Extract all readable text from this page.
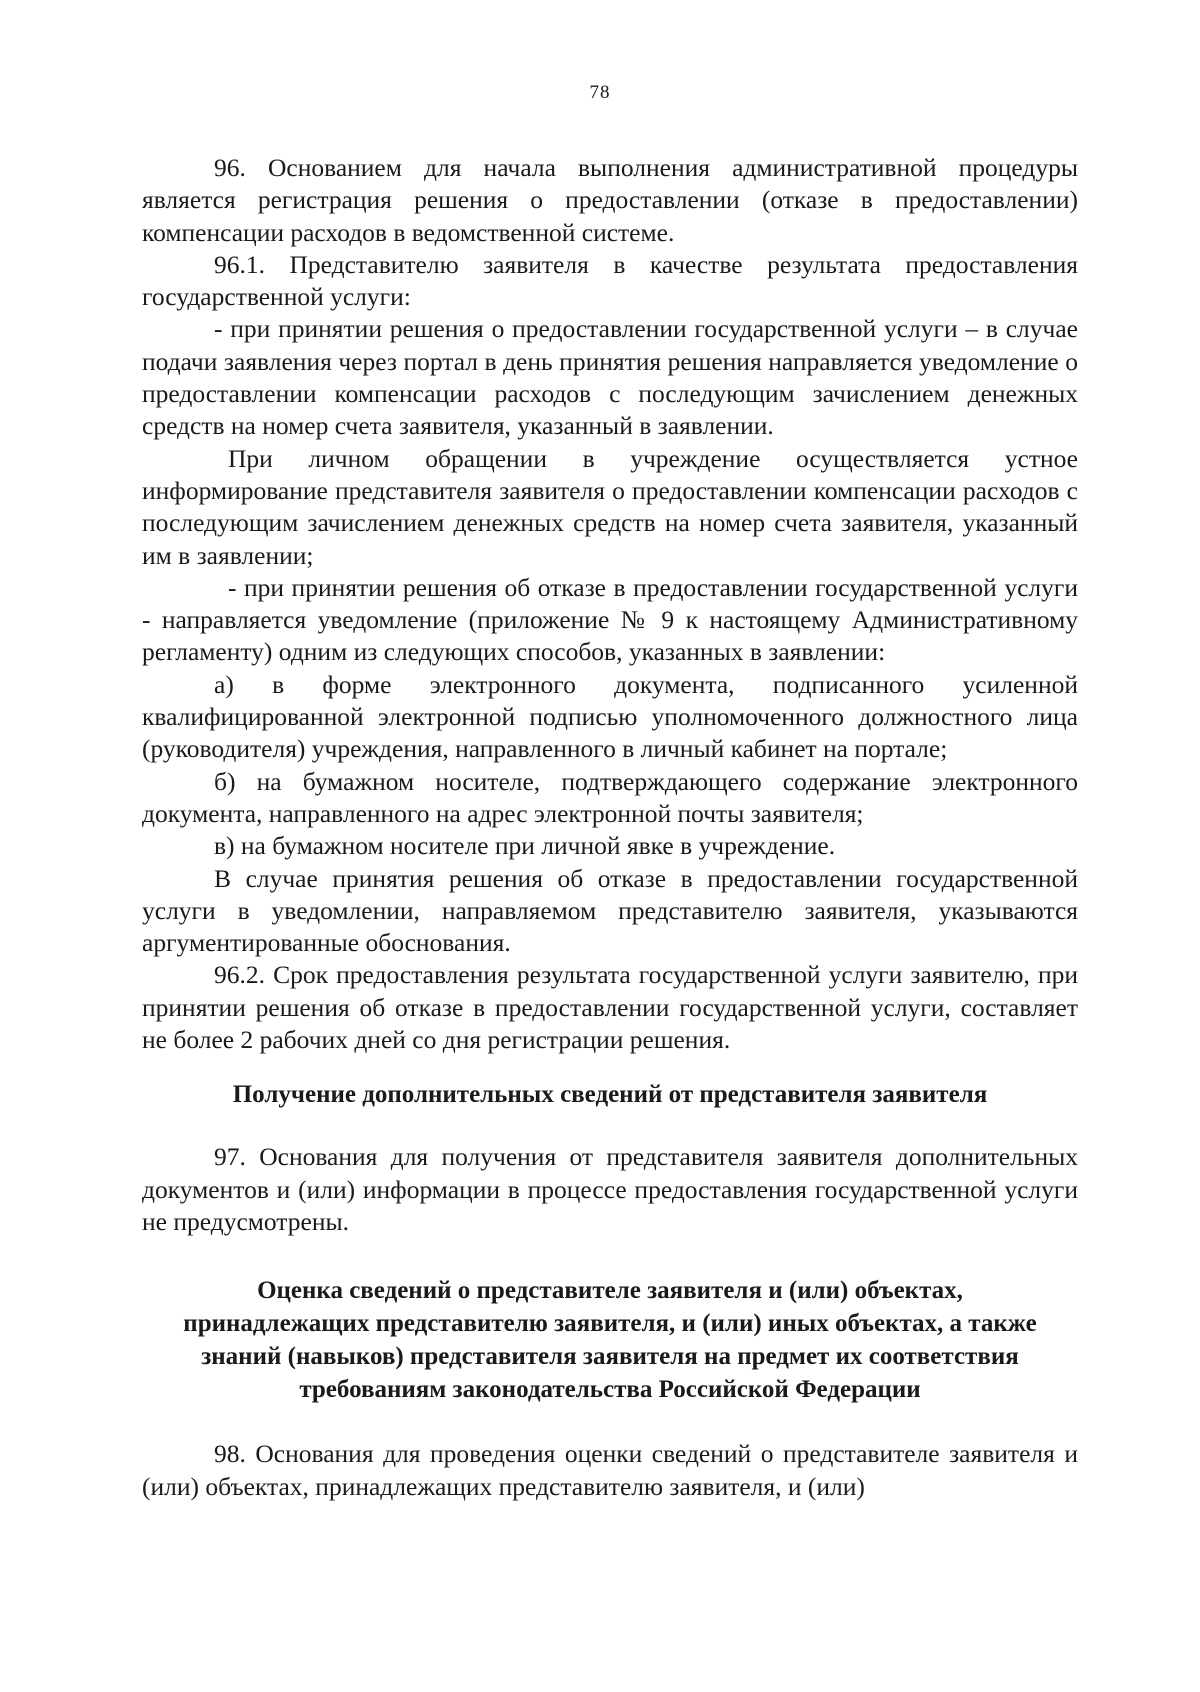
78

96. Основанием для начала выполнения административной процедуры является регистрация решения о предоставлении (отказе в предоставлении) компенсации расходов в ведомственной системе.

96.1. Представителю заявителя в качестве результата предоставления государственной услуги:

- при принятии решения о предоставлении государственной услуги – в случае подачи заявления через портал в день принятия решения направляется уведомление о предоставлении компенсации расходов с последующим зачислением денежных средств на номер счета заявителя, указанный в заявлении.

При личном обращении в учреждение осуществляется устное информирование представителя заявителя о предоставлении компенсации расходов с последующим зачислением денежных средств на номер счета заявителя, указанный им в заявлении;

- при принятии решения об отказе в предоставлении государственной услуги - направляется уведомление (приложение № 9 к настоящему Административному регламенту) одним из следующих способов, указанных в заявлении:

а) в форме электронного документа, подписанного усиленной квалифицированной электронной подписью уполномоченного должностного лица (руководителя) учреждения, направленного в личный кабинет на портале;

б) на бумажном носителе, подтверждающего содержание электронного документа, направленного на адрес электронной почты заявителя;

в) на бумажном носителе при личной явке в учреждение.

В случае принятия решения об отказе в предоставлении государственной услуги в уведомлении, направляемом представителю заявителя, указываются аргументированные обоснования.

96.2. Срок предоставления результата государственной услуги заявителю, при принятии решения об отказе в предоставлении государственной услуги, составляет не более 2 рабочих дней со дня регистрации решения.

Получение дополнительных сведений от представителя заявителя

97. Основания для получения от представителя заявителя дополнительных документов и (или) информации в процессе предоставления государственной услуги не предусмотрены.

Оценка сведений о представителе заявителя и (или) объектах,
принадлежащих представителю заявителя, и (или) иных объектах, а также
знаний (навыков) представителя заявителя на предмет их соответствия
требованиям законодательства Российской Федерации

98. Основания для проведения оценки сведений о представителе заявителя и (или) объектах, принадлежащих представителю заявителя, и (или)
